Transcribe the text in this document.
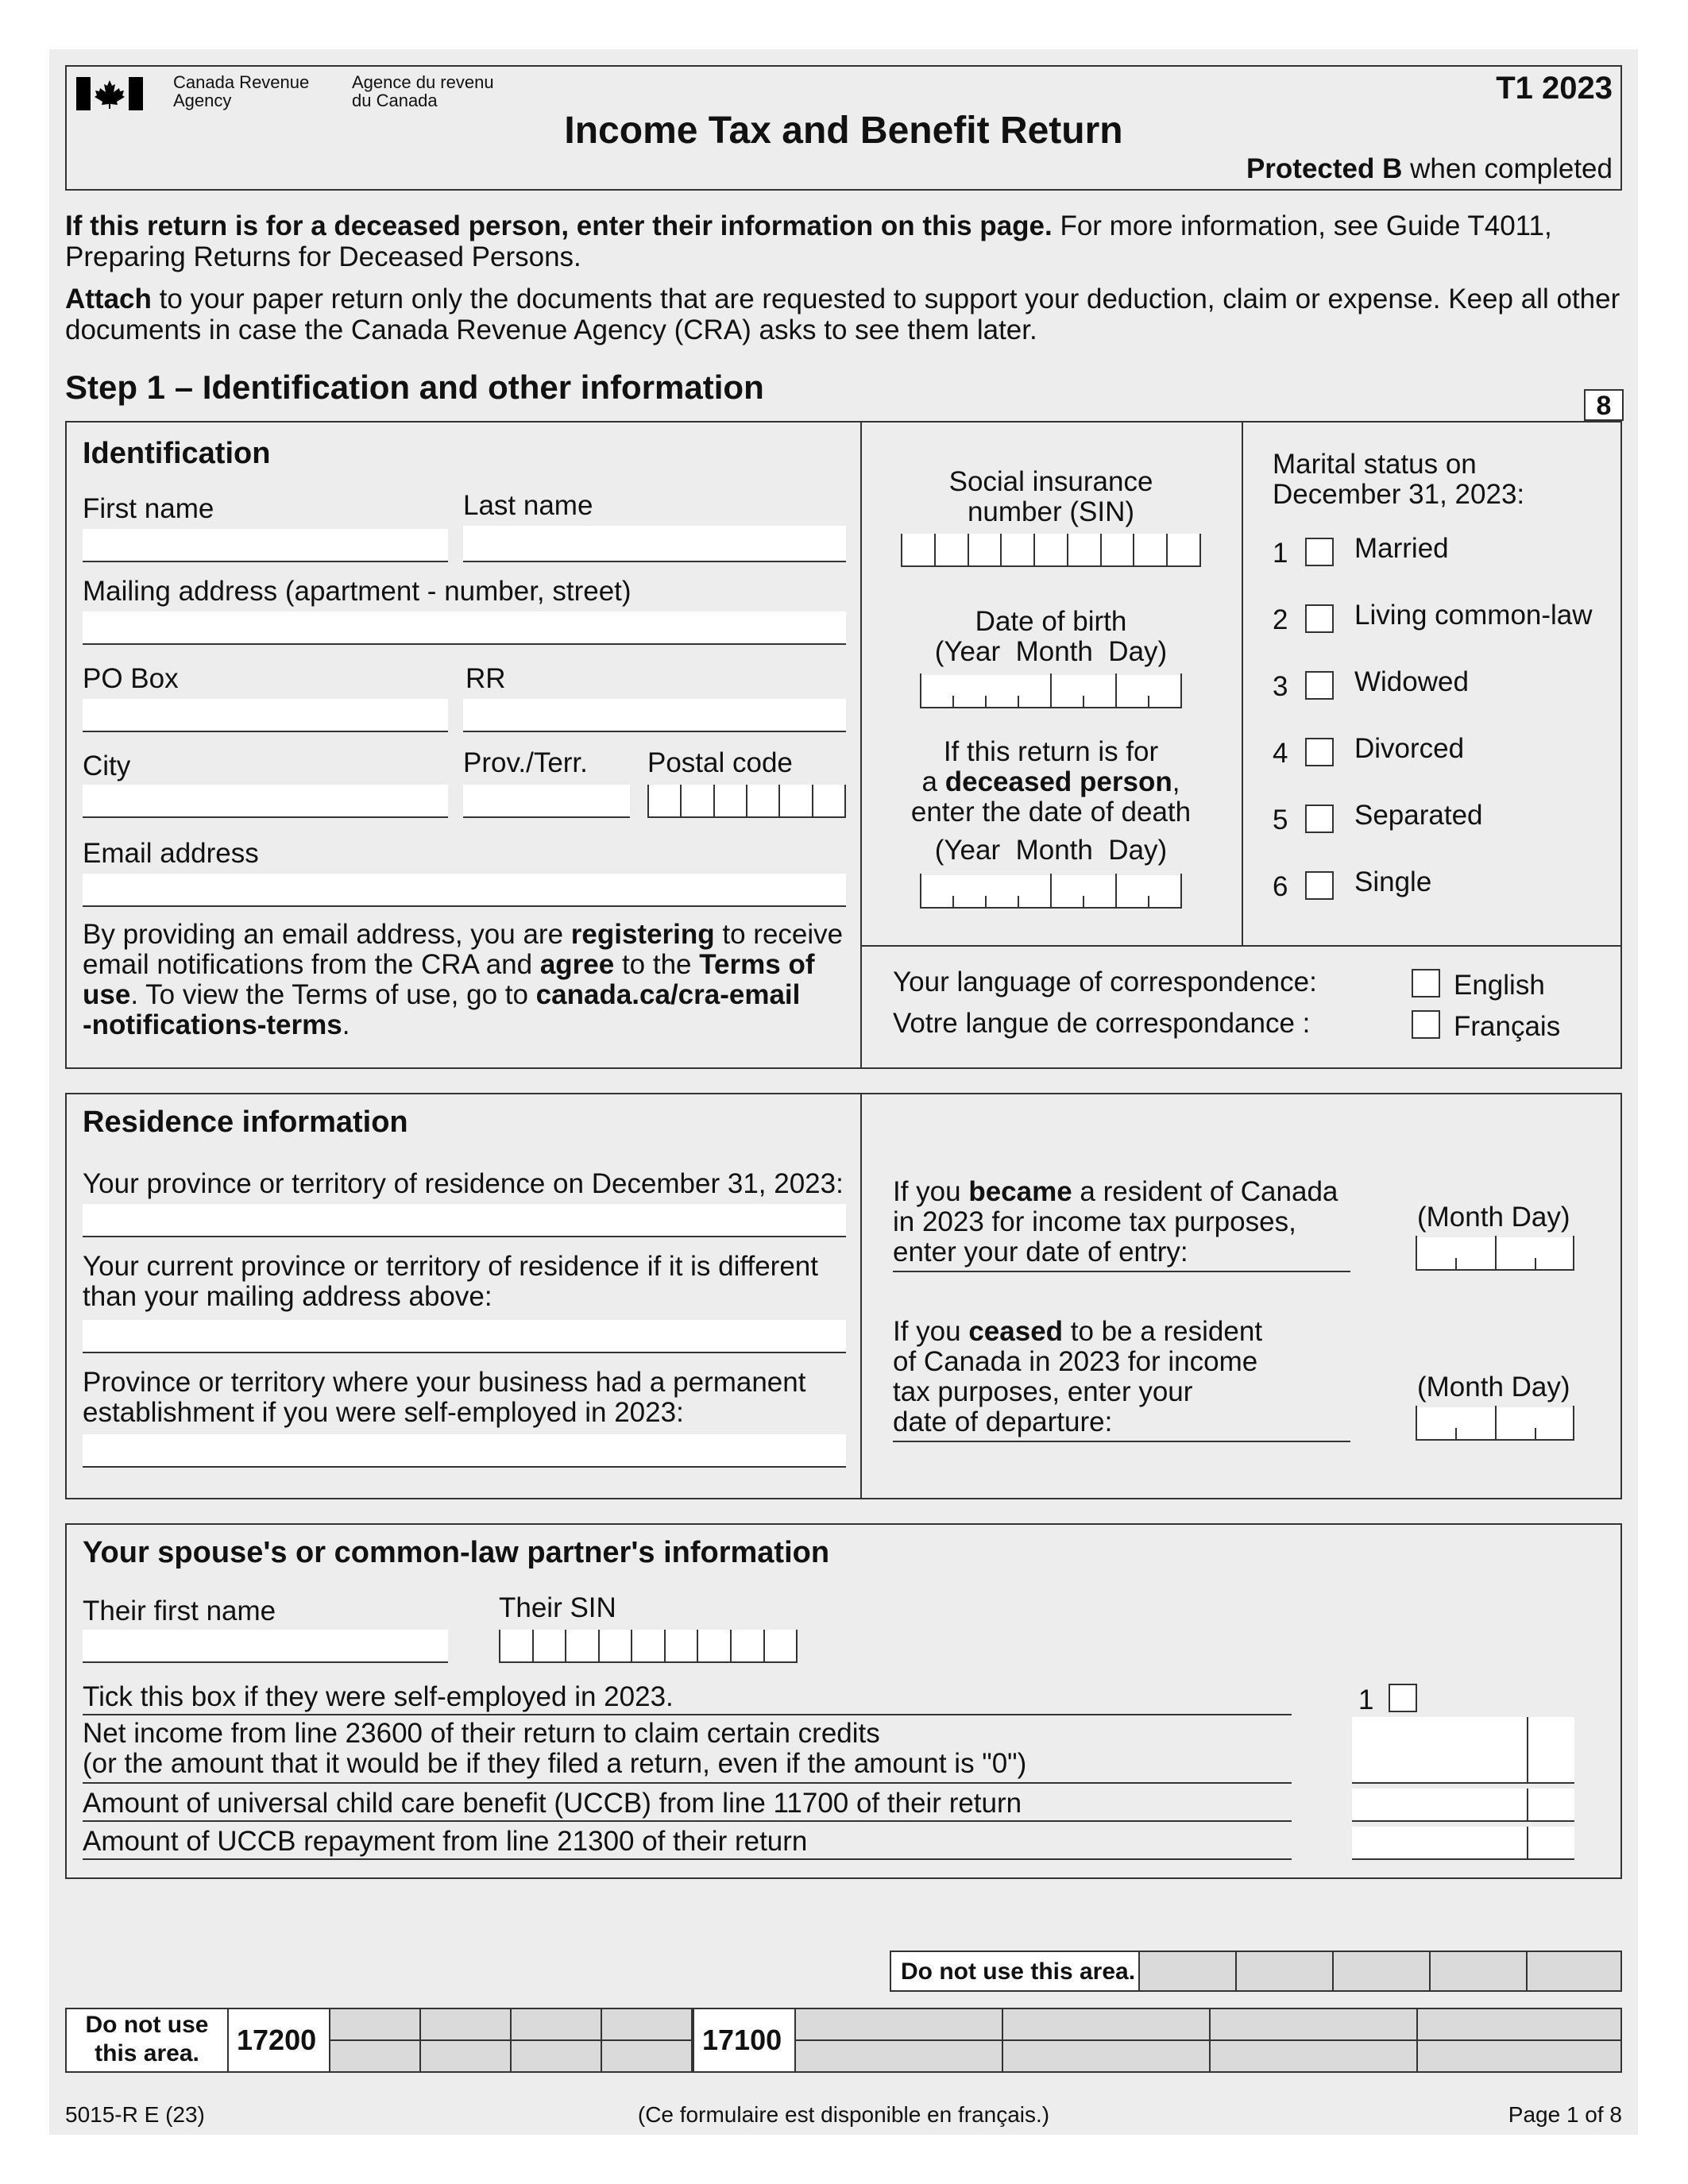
Canada Revenue
Agency
Agence du revenu
du Canada	T1 2023
Income Tax and Benefit Return
Protected B when completed
If this return is for a deceased person, enter their information on this page. For more information, see Guide T4011,
Preparing Returns for Deceased Persons.
Attach to your paper return only the documents that are requested to support your deduction, claim or expense. Keep all other
documents in case the Canada Revenue Agency (CRA) asks to see them later.
Step 1 – Identification and other information	8
Identification
First name	Last name
Mailing address (apartment - number, street)
PO Box	RR
City	Prov./Terr. Postal code
Email address
By providing an email address, you are registering to receive
email notifications from the CRA and agree to the Terms of
use. To view the Terms of use, go to canada.ca/cra-email
-notifications-terms.
Social insurance
number (SIN)
Date of birth
(Year  Month  Day)
If this return is for
a deceased person,
enter the date of death
(Year  Month  Day)
Marital status on
December 31, 2023:
1 Married
2 Living common-law
3 Widowed
4 Divorced
5 Separated
6 Single
Your language of correspondence:
Votre langue de correspondance :
English
Français
Residence information
Your province or territory of residence on December 31, 2023:
Your current province or territory of residence if it is different
than your mailing address above:
Province or territory where your business had a permanent
establishment if you were self-employed in 2023:
If you became a resident of Canada
in 2023 for income tax purposes,
enter your date of entry:
(Month Day)
If you ceased to be a resident
of Canada in 2023 for income
tax purposes, enter your
date of departure:
(Month Day)
Your spouse's or common-law partner's information
Their first name	Their SIN
Tick this box if they were self-employed in 2023.	1
Net income from line 23600 of their return to claim certain credits
(or the amount that it would be if they filed a return, even if the amount is "0")
Amount of universal child care benefit (UCCB) from line 11700 of their return
Amount of UCCB repayment from line 21300 of their return
Do not use this area.
Do not use
this area.	17200	17100
5015-R E (23)	(Ce formulaire est disponible en français.)	Page 1 of 8
